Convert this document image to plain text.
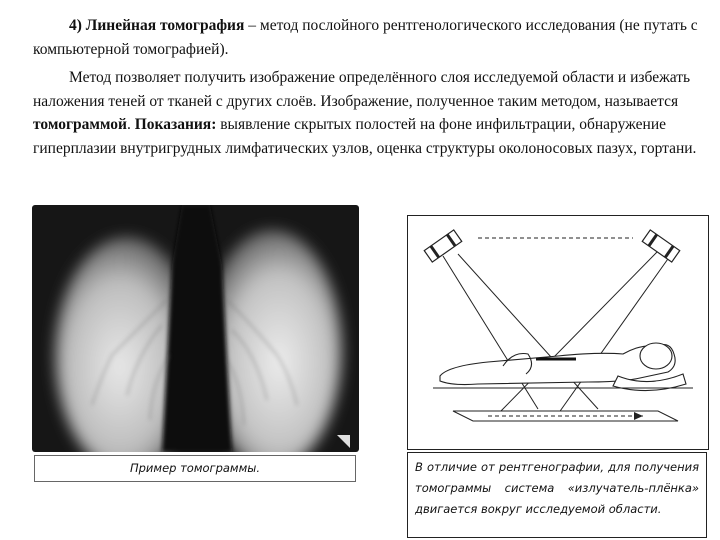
4) Линейная томография – метод послойного рентгенологического исследования (не путать с компьютерной томографией).

Метод позволяет получить изображение определённого слоя исследуемой области и избежать наложения теней от тканей с других слоёв. Изображение, полученное таким методом, называется томограммой. Показания: выявление скрытых полостей на фоне инфильтрации, обнаружение гиперплазии внутригрудных лимфатических узлов, оценка структуры околоносовых пазух, гортани.

Пример томограммы.	В отличие от рентгенографии, для получения томограммы система «излучатель-плёнка» двигается вокруг исследуемой области.
